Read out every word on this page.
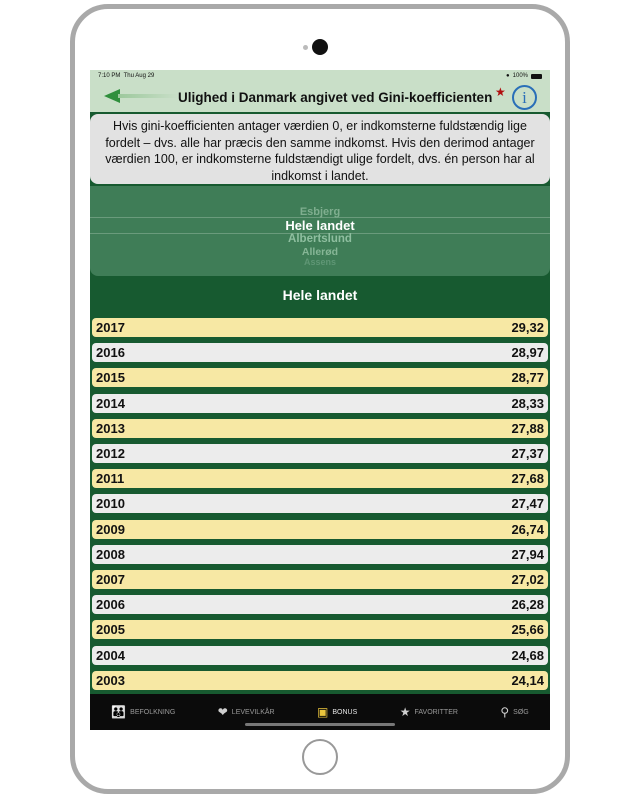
7:10 PM Thu Aug 29	● 100%
Ulighed i Danmark angivet ved Gini-koefficienten ★ i
Hvis gini-koefficienten antager værdien 0, er indkomsterne fuldstændig lige fordelt – dvs. alle har præcis den samme indkomst. Hvis den derimod antager værdien 100, er indkomsterne fuldstændigt ulige fordelt, dvs. én person har al indkomst i landet.
Esbjerg
Hele landet
Albertslund
Allerød
Assens
Hele landet
2017	29,32
2016	28,97
2015	28,77
2014	28,33
2013	27,88
2012	27,37
2011	27,68
2010	27,47
2009	26,74
2008	27,94
2007	27,02
2006	26,28
2005	25,66
2004	24,68
2003	24,14
👪 BEFOLKNING	❤ LEVEVILKÅR	▣ BONUS	★ FAVORITTER	⚲ SØG
